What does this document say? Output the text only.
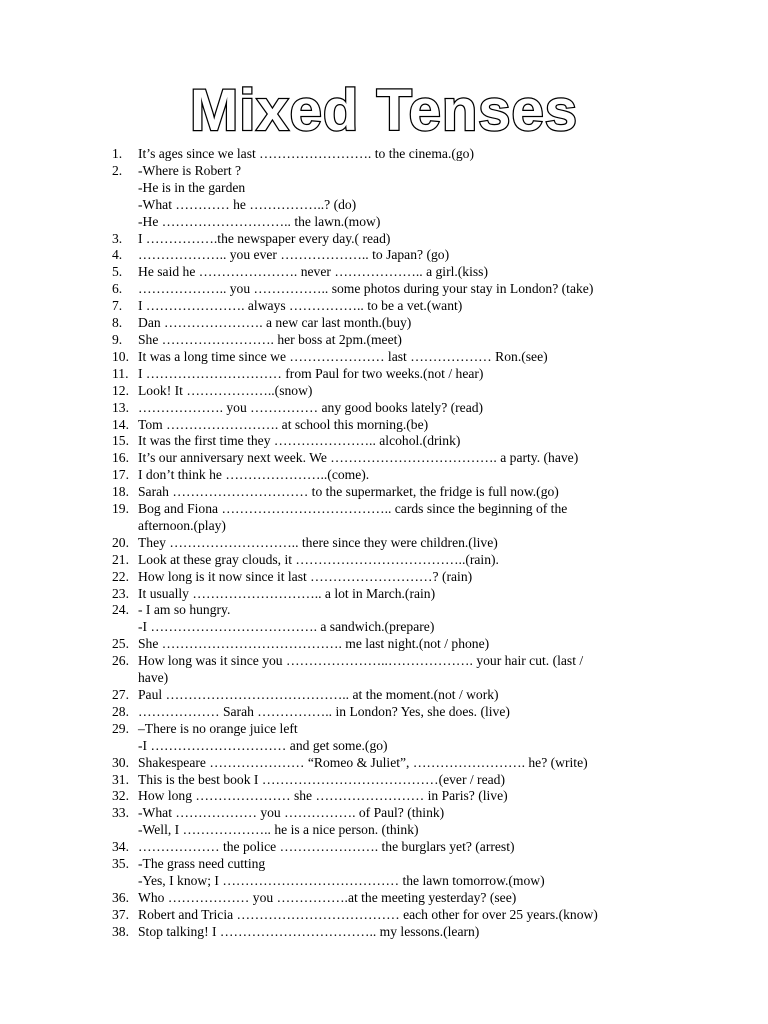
Mixed Tenses
1.	It’s ages since we last ……………………. to the cinema.(go)
2.	-Where is Robert ?
-He is in the garden
-What ………… he ……………..? (do)
-He ……………………….. the lawn.(mow)
3.	I …………….the newspaper every day.( read)
4.	……………….. you ever ……………….. to Japan? (go)
5.	He said he …………………. never ……………….. a girl.(kiss)
6.	……………….. you …………….. some photos during your stay in London? (take)
7.	I …………………. always …………….. to be a vet.(want)
8.	Dan …………………. a new car last month.(buy)
9.	She ……………………. her boss at 2pm.(meet)
10. It was a long time since we ………………… last ……………… Ron.(see)
11. I ………………………… from Paul for two weeks.(not / hear)
12. Look! It ………………..(snow)
13. ………………. you …………… any good books lately? (read)
14. Tom ……………………. at school this morning.(be)
15. It was the first time they ………………….. alcohol.(drink)
16. It’s our anniversary next week. We ………………………………. a party. (have)
17. I don’t think he …………………..(come).
18. Sarah ………………………… to the supermarket, the fridge is full now.(go)
19. Bog and Fiona ……………………………….. cards since the beginning of the
afternoon.(play)
20. They ……………………….. there since they were children.(live)
21. Look at these gray clouds, it ………………………………..(rain).
22. How long is it now since it last ………………………? (rain)
23. It usually ……………………….. a lot in March.(rain)
24. - I am so hungry.
-I ………………………………. a sandwich.(prepare)
25. She …………………………………. me last night.(not / phone)
26. How long was it since you …………………..………………. your hair cut. (last /
have)
27. Paul ………………………………….. at the moment.(not / work)
28. ……………… Sarah …………….. in London? Yes, she does. (live)
29. –There is no orange juice left
-I ………………………… and get some.(go)
30. Shakespeare ………………… “Romeo & Juliet”, ……………………. he? (write)
31. This is the best book I …………………………………(ever / read)
32. How long ………………… she …………………… in Paris? (live)
33. -What ……………… you ……………. of Paul? (think)
-Well, I ……………….. he is a nice person. (think)
34. ……………… the police …………………. the burglars yet? (arrest)
35. -The grass need cutting
-Yes, I know; I ………………………………… the lawn tomorrow.(mow)
36. Who ……………… you …………….at the meeting yesterday? (see)
37. Robert and Tricia ……………………………… each other for over 25 years.(know)
38. Stop talking! I …………………………….. my lessons.(learn)
